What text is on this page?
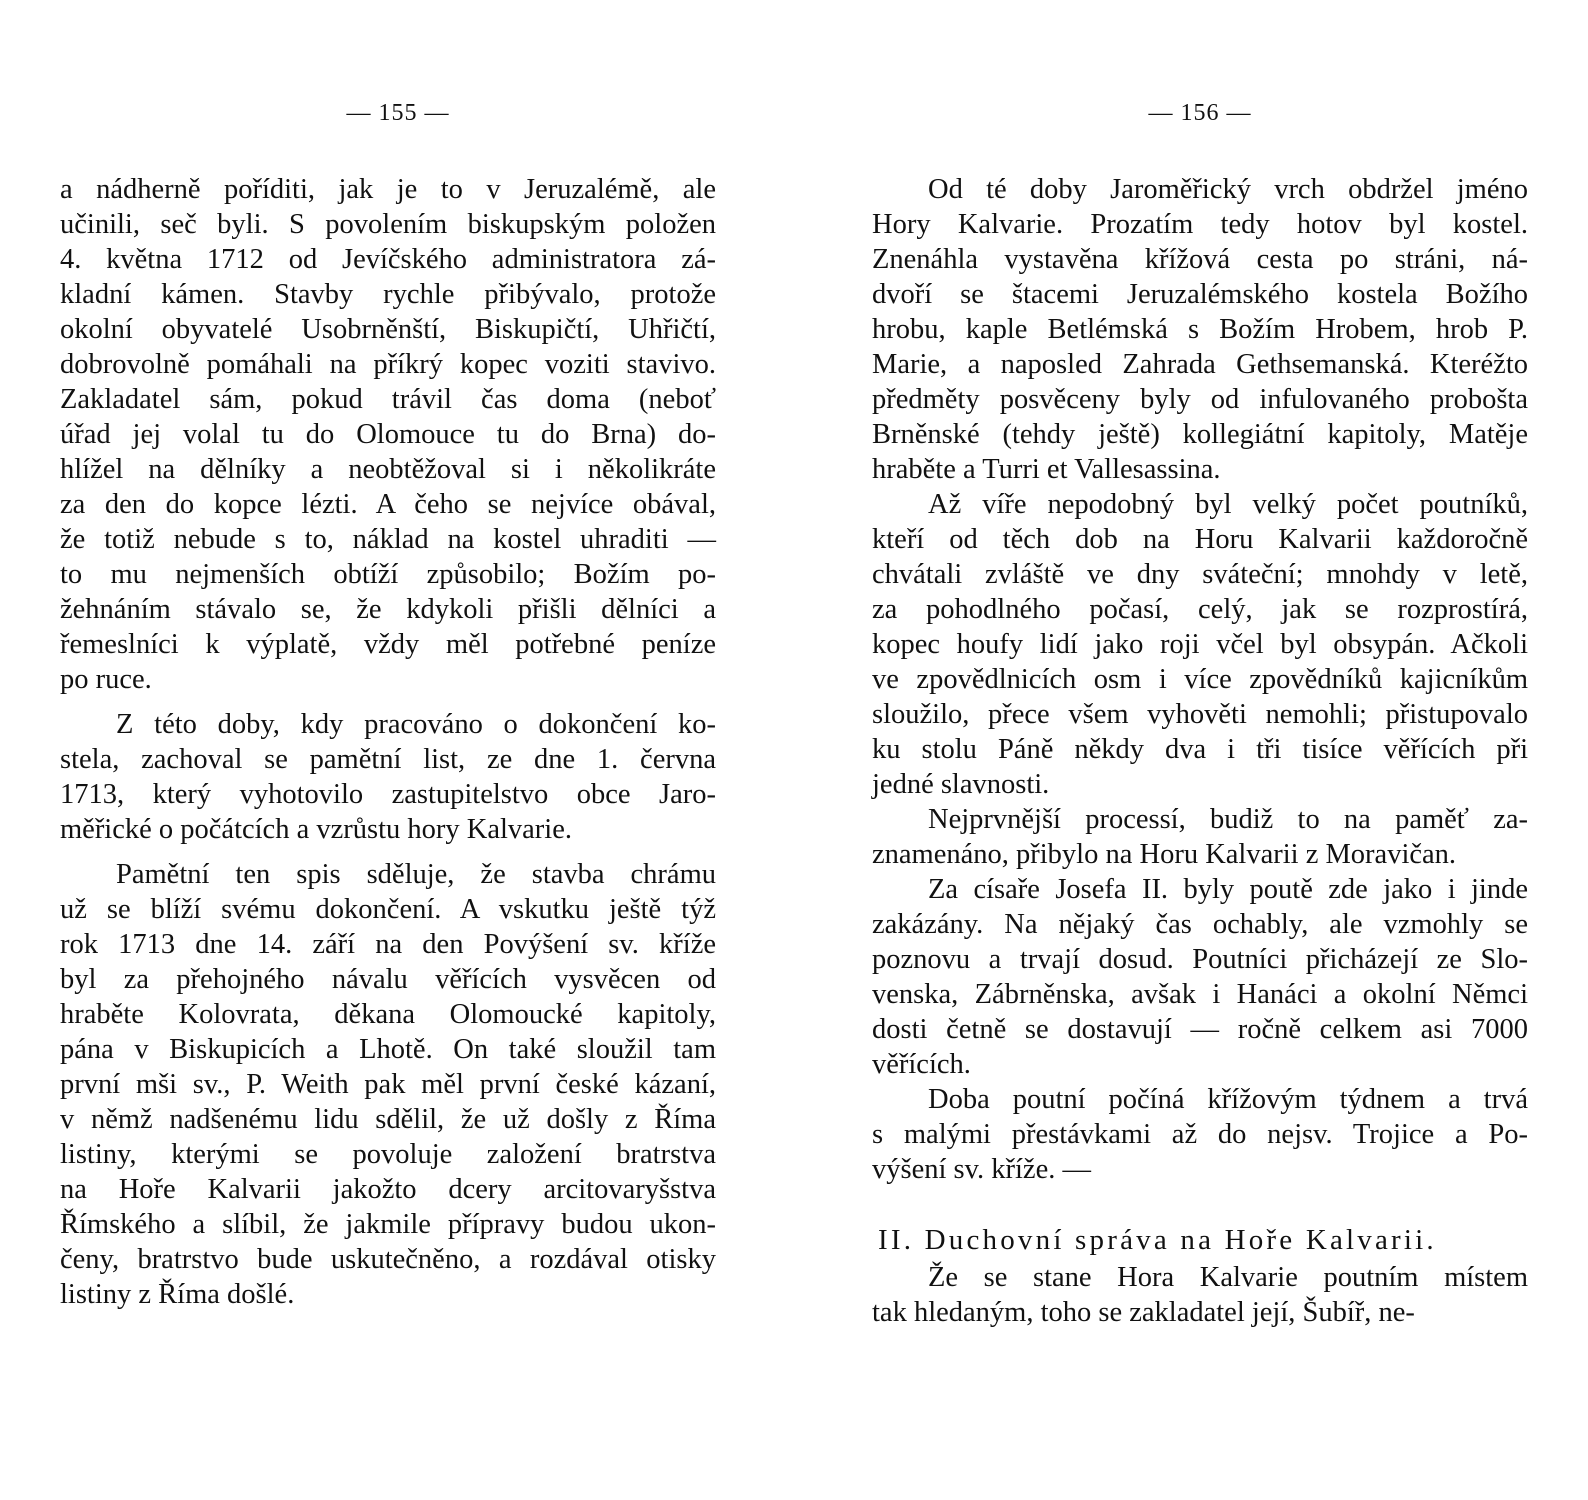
— 155 —
a nádherně poříditi, jak je to v Jeruzalémě, ale
učinili, seč byli. S povolením biskupským položen
4. května 1712 od Jevíčského administratora zá-
kladní kámen. Stavby rychle přibývalo, protože
okolní obyvatelé Usobrněnští, Biskupičtí, Uhřičtí,
dobrovolně pomáhali na příkrý kopec voziti stavivo.
Zakladatel sám, pokud trávil čas doma (neboť
úřad jej volal tu do Olomouce tu do Brna) do-
hlížel na dělníky a neobtěžoval si i několikráte
za den do kopce lézti. A čeho se nejvíce obával,
že totiž nebude s to, náklad na kostel uhraditi —
to mu nejmenších obtíží způsobilo; Božím po-
žehnáním stávalo se, že kdykoli přišli dělníci a
řemeslníci k výplatě, vždy měl potřebné peníze
po ruce.
Z této doby, kdy pracováno o dokončení ko-
stela, zachoval se pamětní list, ze dne 1. června
1713, který vyhotovilo zastupitelstvo obce Jaro-
měřické o počátcích a vzrůstu hory Kalvarie.
Pamětní ten spis sděluje, že stavba chrámu
už se blíží svému dokončení. A vskutku ještě týž
rok 1713 dne 14. září na den Povýšení sv. kříže
byl za přehojného návalu věřících vysvěcen od
hraběte Kolovrata, děkana Olomoucké kapitoly,
pána v Biskupicích a Lhotě. On také sloužil tam
první mši sv., P. Weith pak měl první české kázaní,
v němž nadšenému lidu sdělil, že už došly z Říma
listiny, kterými se povoluje založení bratrstva
na Hoře Kalvarii jakožto dcery arcitovaryšstva
Římského a slíbil, že jakmile přípravy budou ukon-
čeny, bratrstvo bude uskutečněno, a rozdával otisky
listiny z Říma došlé.
— 156 —
Od té doby Jaroměřický vrch obdržel jméno
Hory Kalvarie. Prozatím tedy hotov byl kostel.
Znenáhla vystavěna křížová cesta po stráni, ná-
dvoří se štacemi Jeruzalémského kostela Božího
hrobu, kaple Betlémská s Božím Hrobem, hrob P.
Marie, a naposled Zahrada Gethsemanská. Kteréžto
předměty posvěceny byly od infulovaného probošta
Brněnské (tehdy ještě) kollegiátní kapitoly, Matěje
hraběte a Turri et Vallesassina.
Až víře nepodobný byl velký počet poutníků,
kteří od těch dob na Horu Kalvarii každoročně
chvátali zvláště ve dny sváteční; mnohdy v letě,
za pohodlného počasí, celý, jak se rozprostírá,
kopec houfy lidí jako roji včel byl obsypán. Ačkoli
ve zpovědlnicích osm i více zpovědníků kajicníkům
sloužilo, přece všem vyhověti nemohli; přistupovalo
ku stolu Páně někdy dva i tři tisíce věřících při
jedné slavnosti.
Nejprvnější processí, budiž to na paměť za-
znamenáno, přibylo na Horu Kalvarii z Moravičan.
Za císaře Josefa II. byly poutě zde jako i jinde
zakázány. Na nějaký čas ochably, ale vzmohly se
poznovu a trvají dosud. Poutníci přicházejí ze Slo-
venska, Zábrněnska, avšak i Hanáci a okolní Němci
dosti četně se dostavují — ročně celkem asi 7000
věřících.
Doba poutní počíná křížovým týdnem a trvá
s malými přestávkami až do nejsv. Trojice a Po-
výšení sv. kříže. —
II. Duchovní správa na Hoře Kalvarii.
Že se stane Hora Kalvarie poutním místem
tak hledaným, toho se zakladatel její, Šubíř, ne-
